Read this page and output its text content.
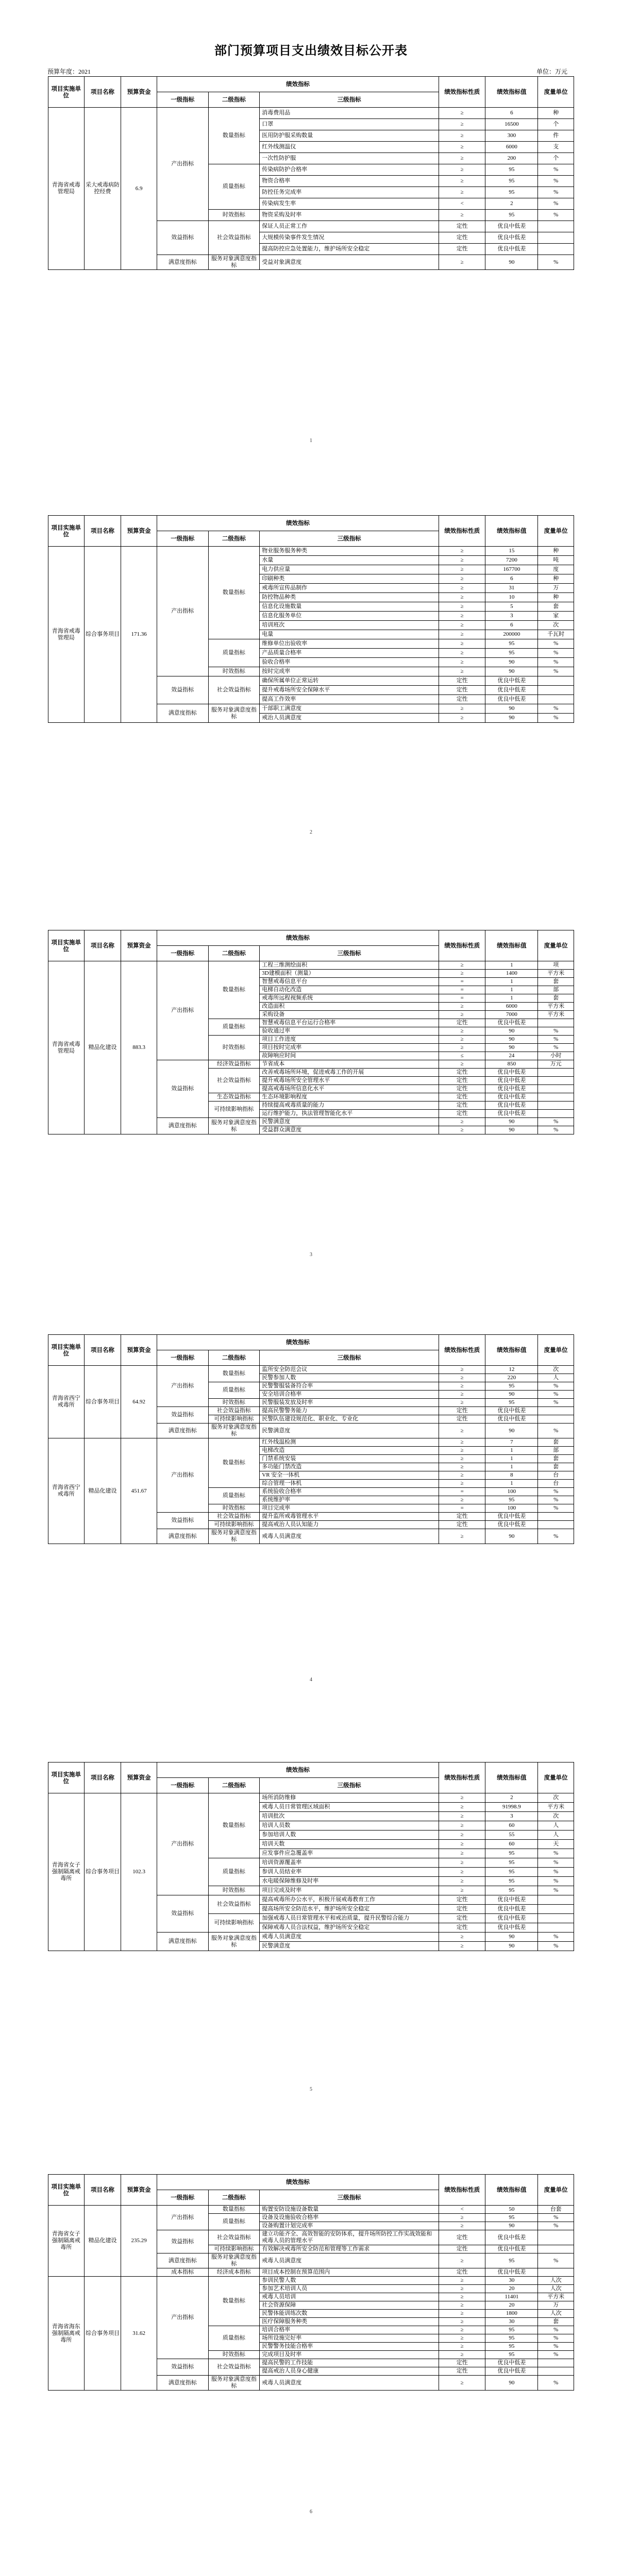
部门预算项目支出绩效目标公开表
预算年度：2021	单位：万元
项目实施单位	项目名称	预算资金	绩效指标			绩效指标性质	绩效指标值	度量单位
			一级指标	二级指标	三级指标			
青海省戒毒管理局	采大戒毒病防控经费	6.9	产出指标	数量指标	消毒费用品	≥	6	种
					口罩	≥	16500	个
					医用防护服采购数量	≥	300	件
					红外线测温仪	≥	6000	支
					一次性防护服	≥	200	个
				质量指标	传染病防护合格率	≥	95	%
					物资合格率	≥	95	%
					防控任务完成率	≥	95	%
					传染病发生率	<	2	%
				时效指标	物资采购及时率	≥	95	%
			效益指标	社会效益指标	保证人员正常工作	定性	优良中低差	
					大规模传染事件发生情况	定性	优良中低差	
					提高防控应急处置能力，维护场所安全稳定	定性	优良中低差	
			满意度指标	服务对象满意度指标	受益对象满意度	≥	90	%
1
项目实施单位	项目名称	预算资金	绩效指标			绩效指标性质	绩效指标值	度量单位
			一级指标	二级指标	三级指标			
青海省戒毒管理局	综合事务项目	171.36	产出指标	数量指标	物业服务服务种类	≥	15	种
					水量	≥	7200	吨
					电力供应量	≥	167700	度
					印刷种类	≥	6	种
					戒毒所宣传品制作	≥	31	万
					防控物品种类	≥	10	种
					信息化设施数量	≥	5	套
					信息化服务单位	≥	3	家
					培训班次	≥	6	次
					电量	≥	200000	千瓦时
				质量指标	维修单位出验收率	≥	95	%
					产品质量合格率	≥	95	%
					验收合格率	≥	90	%
				时效指标	按时完成率	≥	90	%
			效益指标	社会效益指标	确保所属单位正常运转	定性	优良中低差	
					提升戒毒场所安全保障水平	定性	优良中低差	
					提高工作效率	定性	优良中低差	
			满意度指标	服务对象满意度指标	干部职工满意度	≥	90	%
					戒治人员满意度	≥	90	%
2
项目实施单位	项目名称	预算资金	绩效指标			绩效指标性质	绩效指标值	度量单位
			一级指标	二级指标	三级指标			
青海省戒毒管理局	精品化建设	883.3	产出指标	数量指标	工程三维测绘面积	≥	1	项
					3D建模面积（测量）	≥	1400	平方米
					智慧戒毒信息平台	=	1	套
					电梯自动化改造	=	1	部
					戒毒所远程视频系统	=	1	套
					改造面积	≥	6000	平方米
					采购设备	≥	7000	平方米
				质量指标	智慧戒毒信息平台运行合格率	定性	优良中低差	
					验收通过率	≥	90	%
				时效指标	项目工作进度	≥	90	%
					项目按时完成率	≥	90	%
					故障响应时间	≤	24	小时
			效益指标	经济效益指标	节省成本	≥	850	万元
				社会效益指标	改善戒毒场所环境，促进戒毒工作的开展	定性	优良中低差	
					提升戒毒场所安全管理水平	定性	优良中低差	
					提高戒毒场所信息化水平	定性	优良中低差	
				生态效益指标	生态环境影响程度	定性	优良中低差	
				可持续影响指标	持续提高戒毒质量的能力	定性	优良中低差	
					运行维护能力，执法管理智能化水平	定性	优良中低差	
			满意度指标	服务对象满意度指标	民警满意度	≥	90	%
					受益群众满意度	≥	90	%
3
项目实施单位	项目名称	预算资金	绩效指标			绩效指标性质	绩效指标值	度量单位
			一级指标	二级指标	三级指标			
青海省西宁戒毒所	综合事务项目	64.92	产出指标	数量指标	监所安全防范会议	≥	12	次
					民警参加人数	≥	220	人
				质量指标	民警警服装备符合率	≥	95	%
					安全培训合格率	≥	90	%
				时效指标	民警服装发放及时率	≥	95	%
			效益指标	社会效益指标	提高民警警务能力	定性	优良中低差	
				可持续影响指标	民警队伍建设规范化、职业化、专业化	定性	优良中低差	
			满意度指标	服务对象满意度指标	民警满意度	≥	90	%
青海省西宁戒毒所	精品化建设	451.67	产出指标	数量指标	红外线温检测	≥	7	套
					电梯改造	≥	1	部
					门禁系统安装	≥	1	套
					多功能门禁改造	≥	1	套
					VR 安全一体机	≥	8	台
					综合管理一体机	≥	1	台
				质量指标	系统验收合格率	=	100	%
					系统维护率	≥	95	%
				时效指标	项目完成率	=	100	%
			效益指标	社会效益指标	提升监所戒毒管理水平	定性	优良中低差	
				可持续影响指标	提高戒治人员认知能力	定性	优良中低差	
			满意度指标	服务对象满意度指标	戒毒人员满意度	≥	90	%
4
项目实施单位	项目名称	预算资金	绩效指标			绩效指标性质	绩效指标值	度量单位
			一级指标	二级指标	三级指标			
青海省女子强制隔离戒毒所	综合事务项目	102.3	产出指标	数量指标	场所消防维修	≥	2	次
					戒毒人员日常管理区域面积	≥	91998.9	平方米
					培训批次	≥	3	次
					培训人员数	≥	60	人
					参加培训人数	≥	55	人
					培训天数	≥	60	天
					应发事件应急覆盖率	≥	95	%
				质量指标	培训资源覆盖率	≥	95	%
					参训人员结业率	≥	95	%
					水电暖保障维修及时率	≥	95	%
				时效指标	项目完成及时率	≥	95	%
			效益指标	社会效益指标	提高戒毒所办公水平，积极开展戒毒教育工作	定性	优良中低差	
					提高场所安全防范水平，维护场所安全稳定	定性	优良中低差	
				可持续影响指标	加强戒毒人员日常管理水平和戒治质量，提升民警综合能力	定性	优良中低差	
					保障戒毒人员合法权益，维护场所安全稳定	定性	优良中低差	
			满意度指标	服务对象满意度指标	戒毒人员满意度	≥	90	%
					民警满意度	≥	90	%
5
项目实施单位	项目名称	预算资金	绩效指标			绩效指标性质	绩效指标值	度量单位
			一级指标	二级指标	三级指标			
青海省女子强制隔离戒毒所	精品化建设	235.29	产出指标	数量指标	购置安防设施设备数量	<	50	台套
				质量指标	设备及设施验收合格率	≥	95	%
					设备购置计划完成率	≥	90	%
			效益指标	社会效益指标	建立功能齐全、高效智能的安防体系，提升场所防控工作实战效能和戒毒人员的管理水平	定性	优良中低差	
				可持续影响指标	有效解决戒毒所安全防范和管理等工作需求	定性	优良中低差	
			满意度指标	服务对象满意度指标	戒毒人员满意度	≥	95	%
			成本指标	经济成本指标	项目成本控制在预算范围内	定性	优良中低差	
青海省海东强制隔离戒毒所	综合事务项目	31.62	产出指标	数量指标	参训民警人数	≥	30	人次
					参加艺术培训人员	≥	20	人次
					戒毒人员培训	≥	11401	平方米
					社会资源保障	≥	20	万
					民警体能训练次数	≥	1800	人次
					医疗保障服务种类	≥	30	套
				质量指标	培训合格率	≥	95	%
					场所设施完好率	≥	95	%
					民警警务技能合格率	≥	95	%
				时效指标	完成项目及时率	≥	95	%
			效益指标	社会效益指标	提高民警的工作技能	定性	优良中低差	
					提高戒治人员身心健康	定性	优良中低差	
			满意度指标	服务对象满意度指标	戒毒人员满意度	≥	90	%
6
